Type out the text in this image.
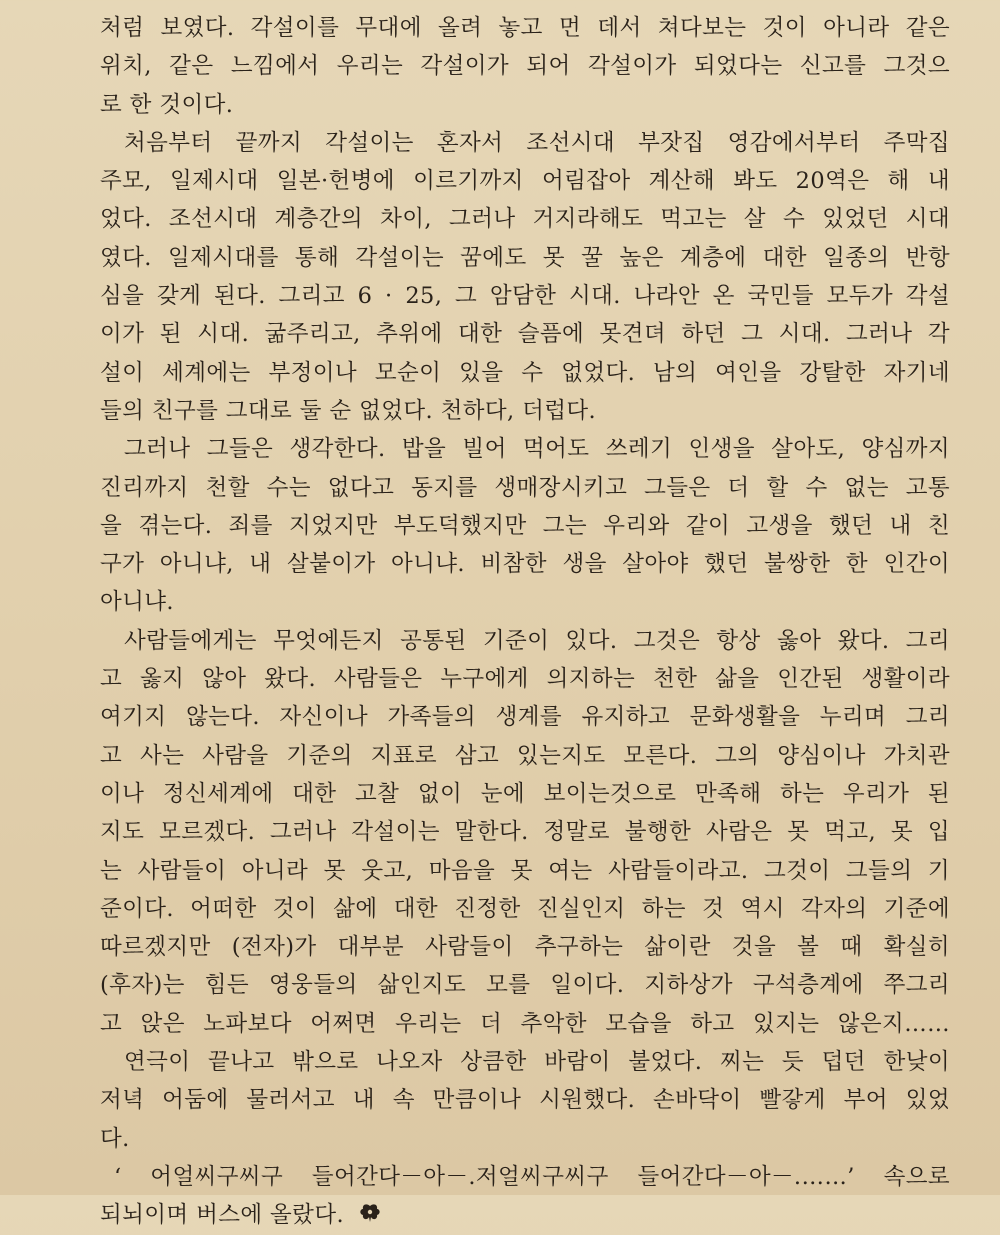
처럼 보였다. 각설이를 무대에 올려 놓고 먼 데서 쳐다보는 것이 아니라 같은
위치, 같은 느낌에서 우리는 각설이가 되어 각설이가 되었다는 신고를 그것으
로 한 것이다.
처음부터 끝까지 각설이는 혼자서 조선시대 부잣집 영감에서부터 주막집
주모, 일제시대 일본·헌병에 이르기까지 어림잡아 계산해 봐도 20역은 해 내
었다. 조선시대 계층간의 차이, 그러나 거지라해도 먹고는 살 수 있었던 시대
였다. 일제시대를 통해 각설이는 꿈에도 못 꿀 높은 계층에 대한 일종의 반항
심을 갖게 된다. 그리고 6 · 25, 그 암담한 시대. 나라안 온 국민들 모두가 각설
이가 된 시대. 굶주리고, 추위에 대한 슬픔에 못견뎌 하던 그 시대. 그러나 각
설이 세계에는 부정이나 모순이 있을 수 없었다. 남의 여인을 강탈한 자기네
들의 친구를 그대로 둘 순 없었다. 천하다, 더럽다.
그러나 그들은 생각한다. 밥을 빌어 먹어도 쓰레기 인생을 살아도, 양심까지
진리까지 천할 수는 없다고 동지를 생매장시키고 그들은 더 할 수 없는 고통
을 겪는다. 죄를 지었지만 부도덕했지만 그는 우리와 같이 고생을 했던 내 친
구가 아니냐, 내 살붙이가 아니냐. 비참한 생을 살아야 했던 불쌍한 한 인간이
아니냐.
사람들에게는 무엇에든지 공통된 기준이 있다. 그것은 항상 옳아 왔다. 그리
고 옳지 않아 왔다. 사람들은 누구에게 의지하는 천한 삶을 인간된 생활이라
여기지 않는다. 자신이나 가족들의 생계를 유지하고 문화생활을 누리며 그리
고 사는 사람을 기준의 지표로 삼고 있는지도 모른다. 그의 양심이나 가치관
이나 정신세계에 대한 고찰 없이 눈에 보이는것으로 만족해 하는 우리가 된
지도 모르겠다. 그러나 각설이는 말한다. 정말로 불행한 사람은 못 먹고, 못 입
는 사람들이 아니라 못 웃고, 마음을 못 여는 사람들이라고. 그것이 그들의 기
준이다. 어떠한 것이 삶에 대한 진정한 진실인지 하는 것 역시 각자의 기준에
따르겠지만 (전자)가 대부분 사람들이 추구하는 삶이란 것을 볼 때 확실히
(후자)는 힘든 영웅들의 삶인지도 모를 일이다. 지하상가 구석층계에 쭈그리
고 앉은 노파보다 어쩌면 우리는 더 추악한 모습을 하고 있지는 않은지……
연극이 끝나고 밖으로 나오자 상큼한 바람이 불었다. 찌는 듯 덥던 한낮이
저녁 어둠에 물러서고 내 속 만큼이나 시원했다. 손바닥이 빨갛게 부어 있었
다.
‘ 어얼씨구씨구 들어간다－아－.저얼씨구씨구 들어간다－아－.……’ 속으로
되뇌이며 버스에 올랐다.
